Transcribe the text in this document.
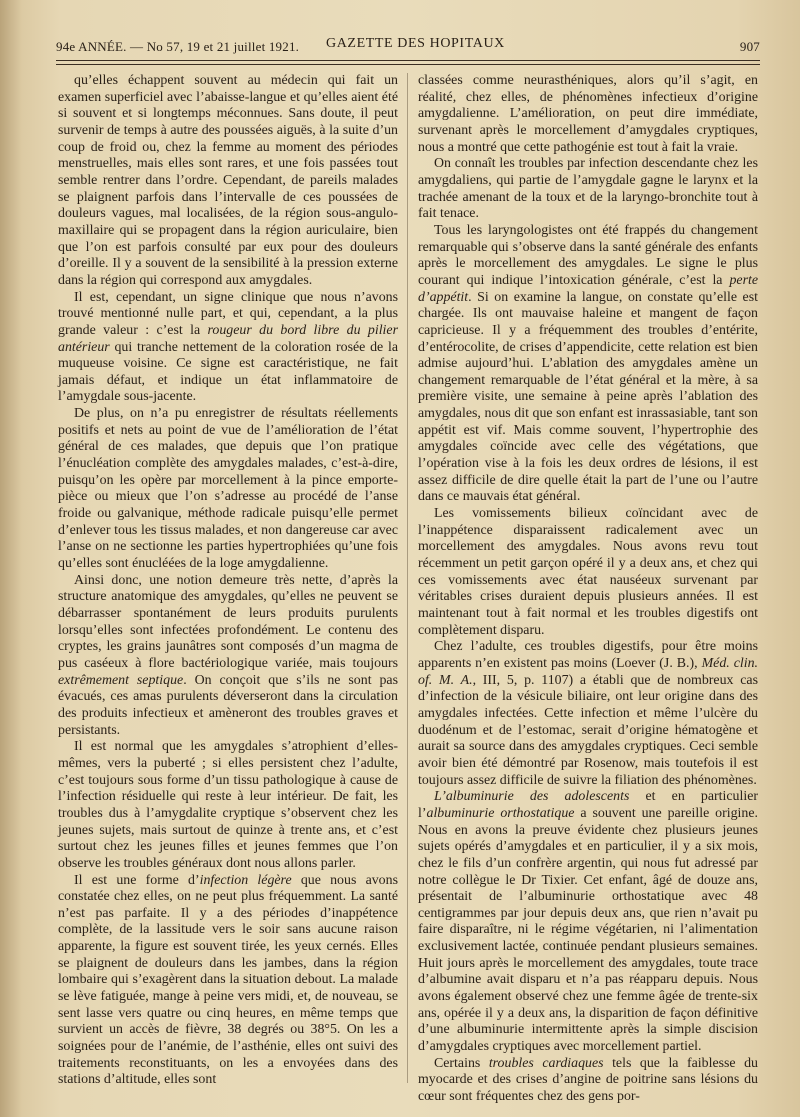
94e ANNÉE. — No 57, 19 et 21 juillet 1921. GAZETTE DES HOPITAUX	907

qu’elles échappent souvent au médecin qui fait un examen superficiel avec l’abaisse-langue et qu’elles aient été si souvent et si longtemps méconnues. Sans doute, il peut survenir de temps à autre des poussées aiguës, à la suite d’un coup de froid ou, chez la femme au moment des périodes menstruelles, mais elles sont rares, et une fois passées tout semble rentrer dans l’ordre. Cependant, de pareils malades se plaignent parfois dans l’intervalle de ces poussées de douleurs vagues, mal localisées, de la région sous-angulo-maxillaire qui se propagent dans la région auriculaire, bien que l’on est parfois consulté par eux pour des douleurs d’oreille. Il y a souvent de la sensibilité à la pression externe dans la région qui correspond aux amygdales.

Il est, cependant, un signe clinique que nous n’avons trouvé mentionné nulle part, et qui, cependant, a la plus grande valeur : c’est la rougeur du bord libre du pilier antérieur qui tranche nettement de la coloration rosée de la muqueuse voisine. Ce signe est caractéristique, ne fait jamais défaut, et indique un état inflammatoire de l’amygdale sous-jacente.

De plus, on n’a pu enregistrer de résultats réellements positifs et nets au point de vue de l’amélioration de l’état général de ces malades, que depuis que l’on pratique l’énucléation complète des amygdales malades, c’est-à-dire, puisqu’on les opère par morcellement à la pince emporte-pièce ou mieux que l’on s’adresse au procédé de l’anse froide ou galvanique, méthode radicale puisqu’elle permet d’enlever tous les tissus malades, et non dangereuse car avec l’anse on ne sectionne les parties hypertrophiées qu’une fois qu’elles sont énucléées de la loge amygdalienne.

Ainsi donc, une notion demeure très nette, d’après la structure anatomique des amygdales, qu’elles ne peuvent se débarrasser spontanément de leurs produits purulents lorsqu’elles sont infectées profondément. Le contenu des cryptes, les grains jaunâtres sont composés d’un magma de pus caséeux à flore bactériologique variée, mais toujours extrêmement septique. On conçoit que s’ils ne sont pas évacués, ces amas purulents déverseront dans la circulation des produits infectieux et amèneront des troubles graves et persistants.

Il est normal que les amygdales s’atrophient d’elles-mêmes, vers la puberté ; si elles persistent chez l’adulte, c’est toujours sous forme d’un tissu pathologique à cause de l’infection résiduelle qui reste à leur intérieur. De fait, les troubles dus à l’amygdalite cryptique s’observent chez les jeunes sujets, mais surtout de quinze à trente ans, et c’est surtout chez les jeunes filles et jeunes femmes que l’on observe les troubles généraux dont nous allons parler.

Il est une forme d’infection légère que nous avons constatée chez elles, on ne peut plus fréquemment. La santé n’est pas parfaite. Il y a des périodes d’inappétence complète, de la lassitude vers le soir sans aucune raison apparente, la figure est souvent tirée, les yeux cernés. Elles se plaignent de douleurs dans les jambes, dans la région lombaire qui s’exagèrent dans la situation debout. La malade se lève fatiguée, mange à peine vers midi, et, de nouveau, se sent lasse vers quatre ou cinq heures, en même temps que survient un accès de fièvre, 38 degrés ou 38°5. On les a soignées pour de l’anémie, de l’asthénie, elles ont suivi des traitements reconstituants, on les a envoyées dans des stations d’altitude, elles sont

classées comme neurasthéniques, alors qu’il s’agit, en réalité, chez elles, de phénomènes infectieux d’origine amygdalienne. L’amélioration, on peut dire immédiate, survenant après le morcellement d’amygdales cryptiques, nous a montré que cette pathogénie est tout à fait la vraie.

On connaît les troubles par infection descendante chez les amygdaliens, qui partie de l’amygdale gagne le larynx et la trachée amenant de la toux et de la laryngo-bronchite tout à fait tenace.

Tous les laryngologistes ont été frappés du changement remarquable qui s’observe dans la santé générale des enfants après le morcellement des amygdales. Le signe le plus courant qui indique l’intoxication générale, c’est la perte d’appétit. Si on examine la langue, on constate qu’elle est chargée. Ils ont mauvaise haleine et mangent de façon capricieuse. Il y a fréquemment des troubles d’entérite, d’entérocolite, de crises d’appendicite, cette relation est bien admise aujourd’hui. L’ablation des amygdales amène un changement remarquable de l’état général et la mère, à sa première visite, une semaine à peine après l’ablation des amygdales, nous dit que son enfant est inrassasiable, tant son appétit est vif. Mais comme souvent, l’hypertrophie des amygdales coïncide avec celle des végétations, que l’opération vise à la fois les deux ordres de lésions, il est assez difficile de dire quelle était la part de l’une ou l’autre dans ce mauvais état général.

Les vomissements bilieux coïncidant avec de l’inappétence disparaissent radicalement avec un morcellement des amygdales. Nous avons revu tout récemment un petit garçon opéré il y a deux ans, et chez qui ces vomissements avec état nauséeux survenant par véritables crises duraient depuis plusieurs années. Il est maintenant tout à fait normal et les troubles digestifs ont complètement disparu.

Chez l’adulte, ces troubles digestifs, pour être moins apparents n’en existent pas moins (Loever (J. B.), Méd. clin. of. M. A., III, 5, p. 1107) a établi que de nombreux cas d’infection de la vésicule biliaire, ont leur origine dans des amygdales infectées. Cette infection et même l’ulcère du duodénum et de l’estomac, serait d’origine hématogène et aurait sa source dans des amygdales cryptiques. Ceci semble avoir bien été démontré par Rosenow, mais toutefois il est toujours assez difficile de suivre la filiation des phénomènes.

L’albuminurie des adolescents et en particulier l’albuminurie orthostatique a souvent une pareille origine. Nous en avons la preuve évidente chez plusieurs jeunes sujets opérés d’amygdales et en particulier, il y a six mois, chez le fils d’un confrère argentin, qui nous fut adressé par notre collègue le Dr Tixier. Cet enfant, âgé de douze ans, présentait de l’albuminurie orthostatique avec 48 centigrammes par jour depuis deux ans, que rien n’avait pu faire disparaître, ni le régime végétarien, ni l’alimentation exclusivement lactée, continuée pendant plusieurs semaines. Huit jours après le morcellement des amygdales, toute trace d’albumine avait disparu et n’a pas réapparu depuis. Nous avons également observé chez une femme âgée de trente-six ans, opérée il y a deux ans, la disparition de façon définitive d’une albuminurie intermittente après la simple discision d’amygdales cryptiques avec morcellement partiel.

Certains troubles cardiaques tels que la faiblesse du myocarde et des crises d’angine de poitrine sans lésions du cœur sont fréquentes chez des gens por-
